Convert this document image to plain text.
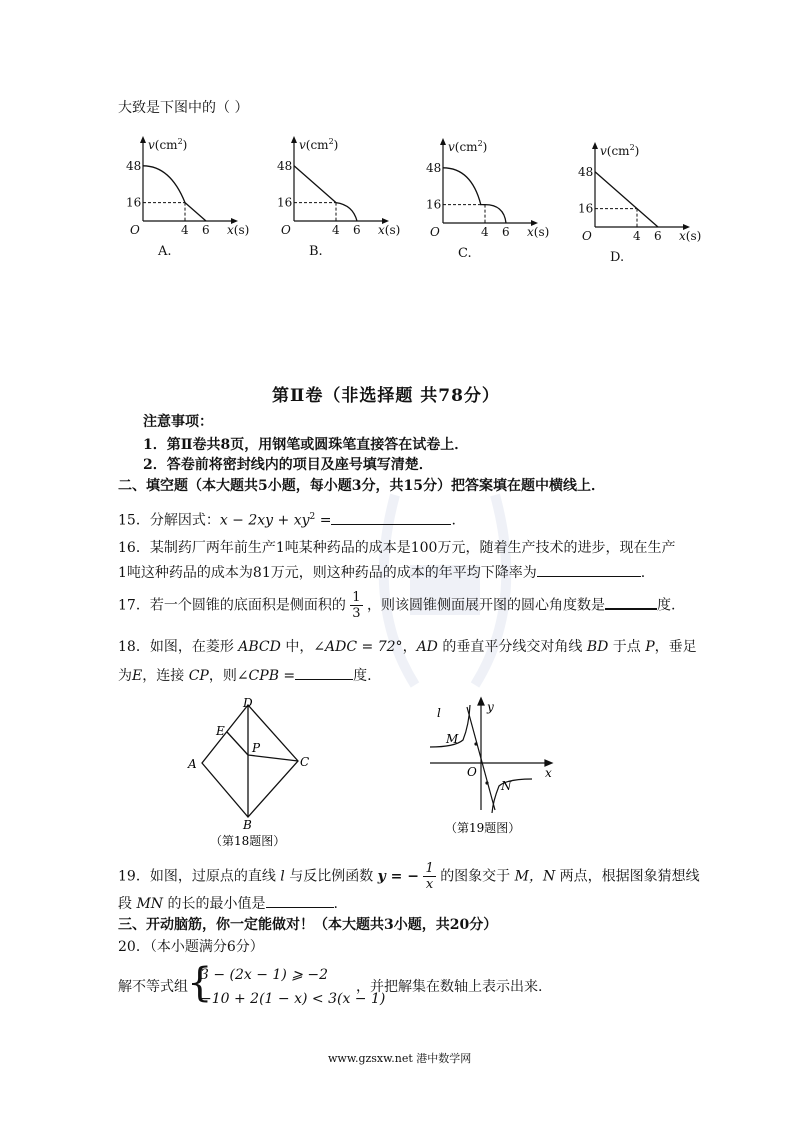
大致是下图中的（ ）
$v(cm^2)$
48
16
O	4 6 x(s)
A.
$v(cm^2)$
48
16
O	4 6 x(s)
B.
$v(cm^2)$
48
16
O	4 6 x(s)
C.
$v(cm^2)$
48
16
O	4 6 x(s)
D.
第Ⅱ卷（非选择题 共78分）
注意事项：
1．第Ⅱ卷共8页，用钢笔或圆珠笔直接答在试卷上．
2．答卷前将密封线内的项目及座号填写清楚．
二、填空题（本大题共5小题，每小题3分，共15分）把答案填在题中横线上．
15．分解因式：$x - 2xy + xy^2$ =	.
16．某制药厂两年前生产1吨某种药品的成本是100万元，随着生产技术的进步，现在生产
1吨这种药品的成本为81万元，则这种药品的成本的年平均下降率为	.
17．若一个圆锥的底面积是侧面积的 $\frac{1}{3}$ ，则该圆锥侧面展开图的圆心角度数是	度.
18．如图，在菱形 ABCD 中，∠ADC = 72°，AD 的垂直平分线交对角线 BD 于点 P，垂足
为E，连接 CP，则∠CPB =	度.
D
E
P
A	C
B
（第18题图）
l	y
M
O	x
N
（第19题图）
19．如图，过原点的直线 l 与反比例函数 y = − $\frac{1}{x}$ 的图象交于 M，N 两点，根据图象猜想线
段 MN 的长的最小值是	.
三、开动脑筋，你一定能做对！（本大题共3小题，共20分）
20．（本小题满分6分）
解不等式组 {
3 − (2x − 1) ⩾ −2
−10 + 2(1 − x) < 3(x − 1)
，并把解集在数轴上表示出来.
www.gzsxw.net 港中数学网
